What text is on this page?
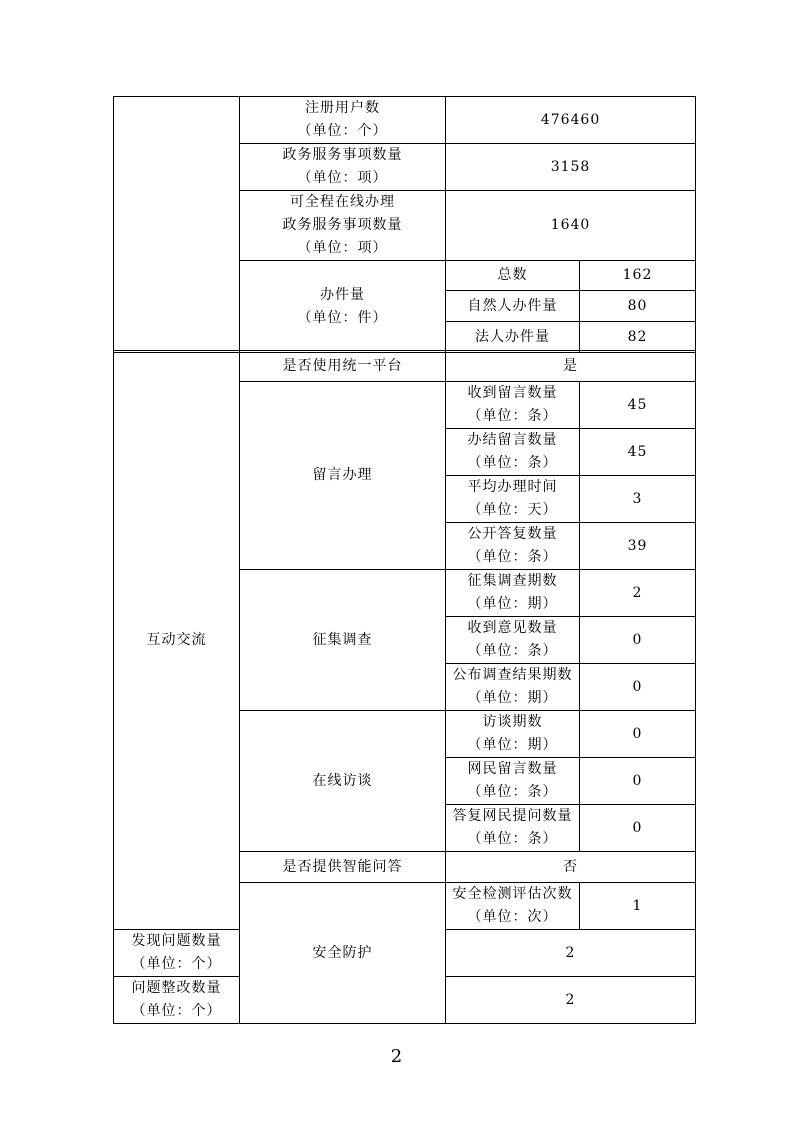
	注册用户数
（单位：个）	476460	

	政务服务事项数量
（单位：项）	3158	

	可全程在线办理
政务服务事项数量
（单位：项）	1640	

	办件量
（单位：件）	总数	162
		自然人办件量	80
		法人办件量	82
互动交流	是否使用统一平台	是	
	留言办理	收到留言数量
（单位：条）	45

		办结留言数量
（单位：条）	45

		平均办理时间
（单位：天）	3

		公开答复数量
（单位：条）	39
	征集调查	征集调查期数
（单位：期）	2

		收到意见数量
（单位：条）	0

		公布调查结果期数
（单位：期）	0
	在线访谈	访谈期数
（单位：期）	0

		网民留言数量
（单位：条）	0

		答复网民提问数量
（单位：条）	0
	是否提供智能问答	否	
	安全防护	安全检测评估次数
（单位：次）	1

发现问题数量
（单位：个）		2	

问题整改数量
（单位：个）		2	
2
